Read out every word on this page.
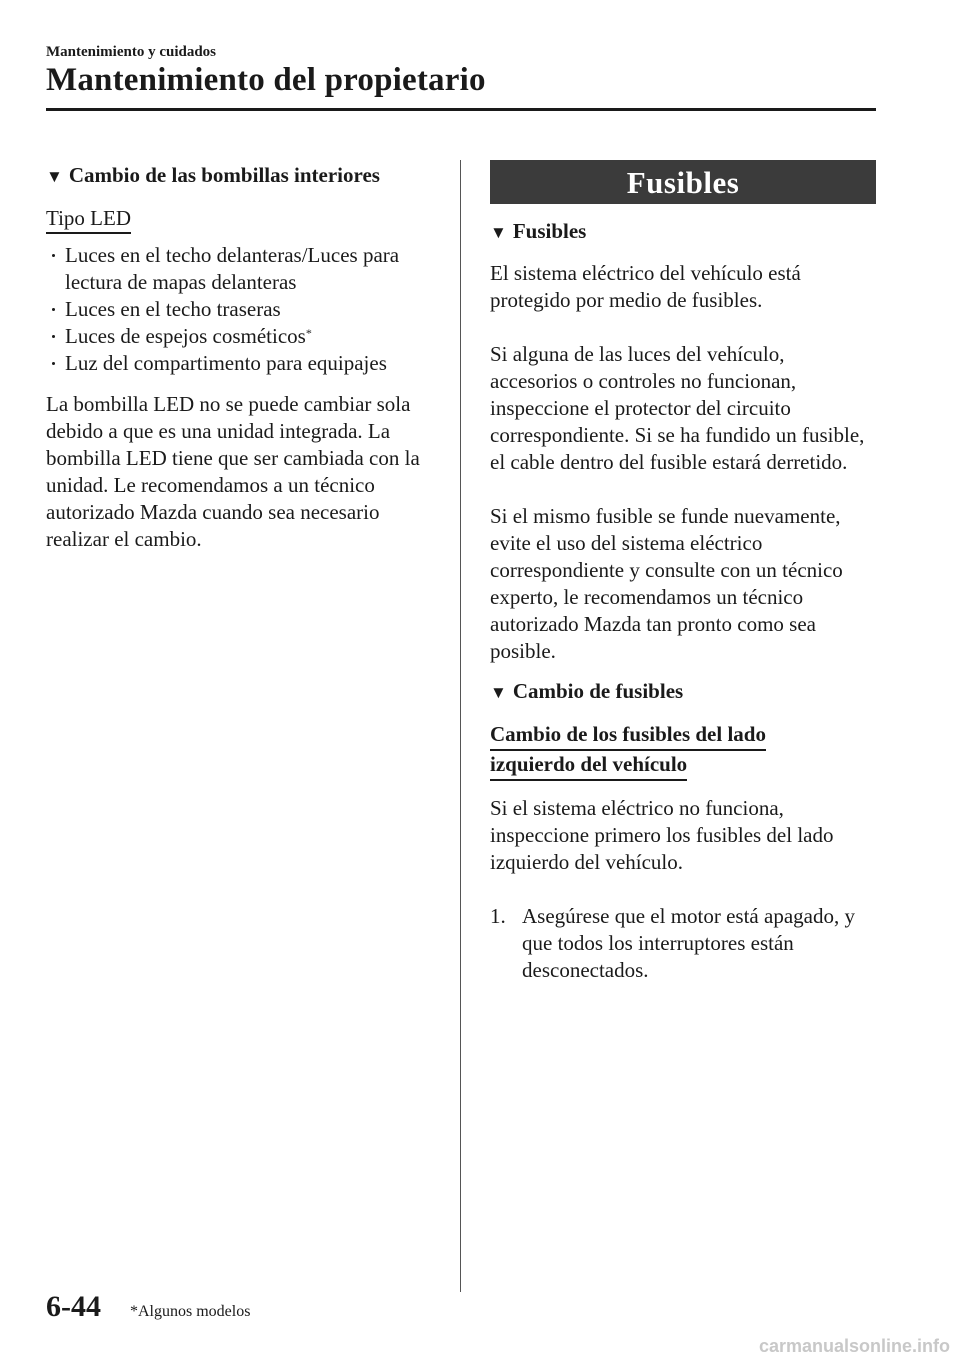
Mantenimiento y cuidados
Mantenimiento del propietario
▼ Cambio de las bombillas interiores
Tipo LED
Luces en el techo delanteras/Luces para lectura de mapas delanteras
Luces en el techo traseras
Luces de espejos cosméticos*
Luz del compartimento para equipajes

La bombilla LED no se puede cambiar sola debido a que es una unidad integrada. La bombilla LED tiene que ser cambiada con la unidad. Le recomendamos a un técnico autorizado Mazda cuando sea necesario realizar el cambio.

Fusibles
▼ Fusibles

El sistema eléctrico del vehículo está protegido por medio de fusibles.

Si alguna de las luces del vehículo, accesorios o controles no funcionan, inspeccione el protector del circuito correspondiente. Si se ha fundido un fusible, el cable dentro del fusible estará derretido.

Si el mismo fusible se funde nuevamente, evite el uso del sistema eléctrico correspondiente y consulte con un técnico experto, le recomendamos un técnico autorizado Mazda tan pronto como sea posible.

▼ Cambio de fusibles
Cambio de los fusibles del lado
izquierdo del vehículo

Si el sistema eléctrico no funciona, inspeccione primero los fusibles del lado izquierdo del vehículo.

1. Asegúrese que el motor está apagado, y que todos los interruptores están desconectados.
6-44 *Algunos modelos
carmanualsonline.info
